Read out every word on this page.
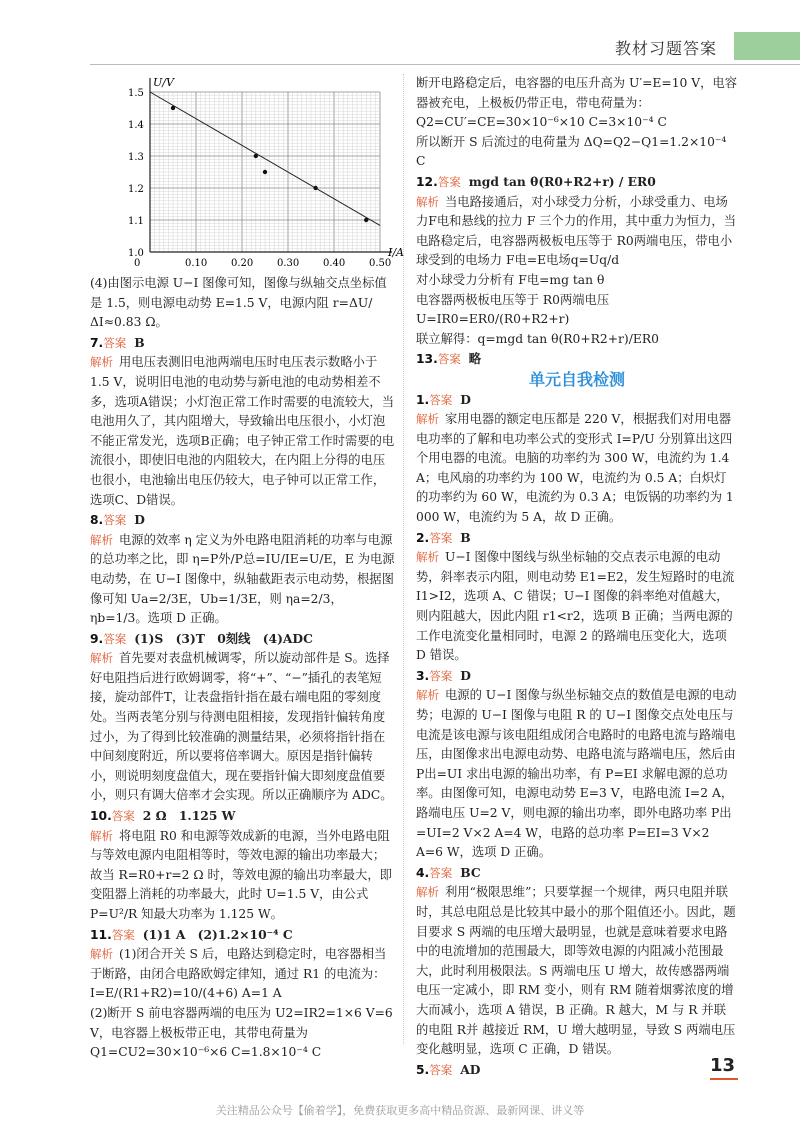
教材习题答案
I/A
U/V
0.10 0.20 0.30 0.40 0.50
0
1.0
1.1
1.2
1.3
1.4
1.5

(4)由图示电源 U−I 图像可知，图像与纵轴交点坐标值是 1.5，则电源电动势 E=1.5 V，电源内阻 r=ΔU/ΔI≈0.83 Ω。

7.答案 B

解析 用电压表测旧电池两端电压时电压表示数略小于1.5 V，说明旧电池的电动势与新电池的电动势相差不多，选项A错误；小灯泡正常工作时需要的电流较大，当电池用久了，其内阻增大，导致输出电压很小，小灯泡不能正常发光，选项B正确；电子钟正常工作时需要的电流很小，即使旧电池的内阻较大，在内阻上分得的电压也很小，电池输出电压仍较大，电子钟可以正常工作，选项C、D错误。

8.答案 D

解析 电源的效率 η 定义为外电路电阻消耗的功率与电源的总功率之比，即 η=P外/P总=IU/IE=U/E，E 为电源电动势，在 U−I 图像中，纵轴截距表示电动势，根据图像可知 Ua=2/3E，Ub=1/3E，则 ηa=2/3，ηb=1/3。选项 D 正确。

9.答案 (1)S　(3)T　0刻线　(4)ADC

解析 首先要对表盘机械调零，所以旋动部件是 S。选择好电阻挡后进行欧姆调零，将“+”、“−”插孔的表笔短接，旋动部件T，让表盘指针指在最右端电阻的零刻度处。当两表笔分别与待测电阻相接，发现指针偏转角度过小，为了得到比较准确的测量结果，必须将指针指在中间刻度附近，所以要将倍率调大。原因是指针偏转小，则说明刻度盘值大，现在要指针偏大即刻度盘值要小，则只有调大倍率才会实现。所以正确顺序为 ADC。

10.答案 2 Ω　1.125 W

解析 将电阻 R0 和电源等效成新的电源，当外电路电阻与等效电源内电阻相等时，等效电源的输出功率最大；故当 R=R0+r=2 Ω 时，等效电源的输出功率最大，即变阻器上消耗的功率最大，此时 U=1.5 V，由公式 P=U²/R 知最大功率为 1.125 W。

11.答案 (1)1 A　(2)1.2×10⁻⁴ C

解析 (1)闭合开关 S 后，电路达到稳定时，电容器相当于断路，由闭合电路欧姆定律知，通过 R1 的电流为：

I=E/(R1+R2)=10/(4+6) A=1 A

(2)断开 S 前电容器两端的电压为 U2=IR2=1×6 V=6 V，电容器上极板带正电，其带电荷量为 Q1=CU2=30×10⁻⁶×6 C=1.8×10⁻⁴ C

断开电路稳定后，电容器的电压升高为 U′=E=10 V，电容器被充电，上极板仍带正电，带电荷量为：Q2=CU′=CE=30×10⁻⁶×10 C=3×10⁻⁴ C

所以断开 S 后流过的电荷量为 ΔQ=Q2−Q1=1.2×10⁻⁴ C

12.答案 mgd tan θ(R0+R2+r) / ER0

解析 当电路接通后，对小球受力分析，小球受重力、电场力F电和悬线的拉力 F 三个力的作用，其中重力为恒力，当电路稳定后，电容器两极板电压等于 R0两端电压，带电小球受到的电场力 F电=E电场q=Uq/d

对小球受力分析有 F电=mg tan θ

电容器两极板电压等于 R0两端电压 U=IR0=ER0/(R0+R2+r)

联立解得：q=mgd tan θ(R0+R2+r)/ER0

13.答案 略

单元自我检测

1.答案 D

解析 家用电器的额定电压都是 220 V，根据我们对用电器电功率的了解和电功率公式的变形式 I=P/U 分别算出这四个用电器的电流。电脑的功率约为 300 W，电流约为 1.4 A；电风扇的功率约为 100 W，电流约为 0.5 A；白炽灯的功率约为 60 W，电流约为 0.3 A；电饭锅的功率约为 1 000 W，电流约为 5 A，故 D 正确。

2.答案 B

解析 U−I 图像中图线与纵坐标轴的交点表示电源的电动势，斜率表示内阻，则电动势 E1=E2，发生短路时的电流 I1>I2，选项 A、C 错误；U−I 图像的斜率绝对值越大，则内阻越大，因此内阻 r1<r2，选项 B 正确；当两电源的工作电流变化量相同时，电源 2 的路端电压变化大，选项 D 错误。

3.答案 D

解析 电源的 U−I 图像与纵坐标轴交点的数值是电源的电动势；电源的 U−I 图像与电阻 R 的 U−I 图像交点处电压与电流是该电源与该电阻组成闭合电路时的电路电流与路端电压，由图像求出电源电动势、电路电流与路端电压，然后由 P出=UI 求出电源的输出功率，有 P=EI 求解电源的总功率。由图像可知，电源电动势 E=3 V，电路电流 I=2 A，路端电压 U=2 V，则电源的输出功率，即外电路功率 P出=UI=2 V×2 A=4 W，电路的总功率 P=EI=3 V×2 A=6 W，选项 D 正确。

4.答案 BC

解析 利用“极限思维”；只要掌握一个规律，两只电阻并联时，其总电阻总是比较其中最小的那个阻值还小。因此，题目要求 S 两端的电压增大最明显，也就是意味着要求电路中的电流增加的范围最大，即等效电源的内阻减小范围最大，此时利用极限法。S 两端电压 U 增大，故传感器两端电压一定减小，即 RM 变小，则有 RM 随着烟雾浓度的增大而减小，选项 A 错误，B 正确。R 越大，M 与 R 并联的电阻 R并 越接近 RM，U 增大越明显，导致 S 两端电压变化越明显，选项 C 正确，D 错误。

5.答案 AD	13
关注精品公众号【偷着学】，免费获取更多高中精品资源、最新网课、讲义等
